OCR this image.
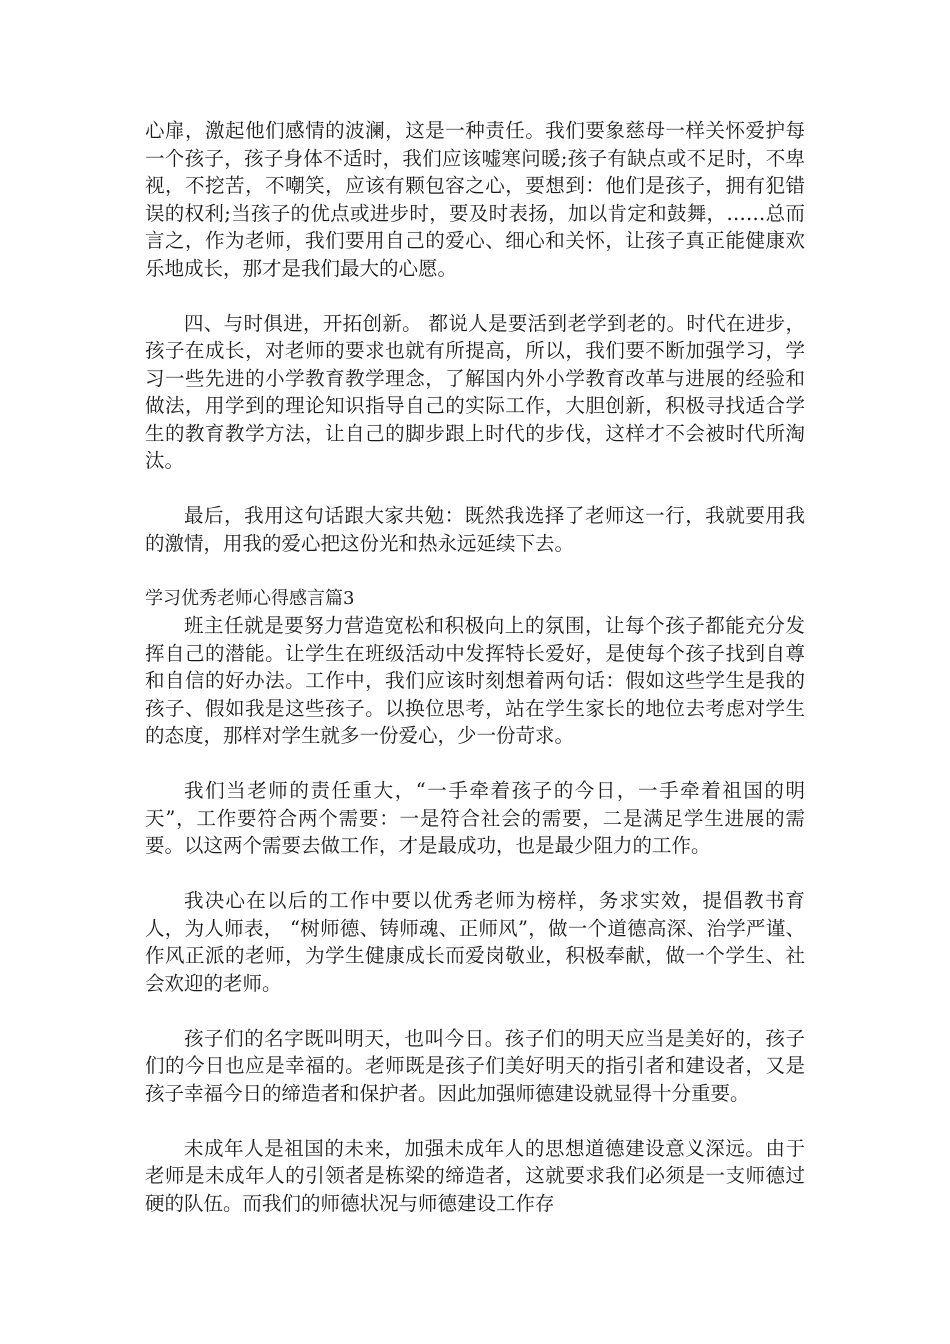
心扉，激起他们感情的波澜，这是一种责任。我们要象慈母一样关怀爱护每一个孩子，孩子身体不适时，我们应该嘘寒问暖;孩子有缺点或不足时，不卑视，不挖苦，不嘲笑，应该有颗包容之心，要想到：他们是孩子，拥有犯错误的权利;当孩子的优点或进步时，要及时表扬，加以肯定和鼓舞，……总而言之，作为老师，我们要用自己的爱心、细心和关怀，让孩子真正能健康欢乐地成长，那才是我们最大的心愿。

四、与时俱进，开拓创新。 都说人是要活到老学到老的。时代在进步，孩子在成长，对老师的要求也就有所提高，所以，我们要不断加强学习，学习一些先进的小学教育教学理念，了解国内外小学教育改革与进展的经验和做法，用学到的理论知识指导自己的实际工作，大胆创新，积极寻找适合学生的教育教学方法，让自己的脚步跟上时代的步伐，这样才不会被时代所淘汰。

最后，我用这句话跟大家共勉：既然我选择了老师这一行，我就要用我的激情，用我的爱心把这份光和热永远延续下去。

学习优秀老师心得感言篇3

班主任就是要努力营造宽松和积极向上的氛围，让每个孩子都能充分发挥自己的潜能。让学生在班级活动中发挥特长爱好，是使每个孩子找到自尊和自信的好办法。工作中，我们应该时刻想着两句话：假如这些学生是我的孩子、假如我是这些孩子。以换位思考，站在学生家长的地位去考虑对学生的态度，那样对学生就多一份爱心，少一份苛求。

我们当老师的责任重大，“一手牵着孩子的今日，一手牵着祖国的明天”，工作要符合两个需要：一是符合社会的需要，二是满足学生进展的需要。以这两个需要去做工作，才是最成功，也是最少阻力的工作。

我决心在以后的工作中要以优秀老师为榜样，务求实效，提倡教书育人，为人师表， “树师德、铸师魂、正师风”，做一个道德高深、治学严谨、作风正派的老师，为学生健康成长而爱岗敬业，积极奉献，做一个学生、社会欢迎的老师。

孩子们的名字既叫明天，也叫今日。孩子们的明天应当是美好的，孩子们的今日也应是幸福的。老师既是孩子们美好明天的指引者和建设者，又是孩子幸福今日的缔造者和保护者。因此加强师德建设就显得十分重要。

未成年人是祖国的未来，加强未成年人的思想道德建设意义深远。由于老师是未成年人的引领者是栋梁的缔造者，这就要求我们必须是一支师德过硬的队伍。而我们的师德状况与师德建设工作存
